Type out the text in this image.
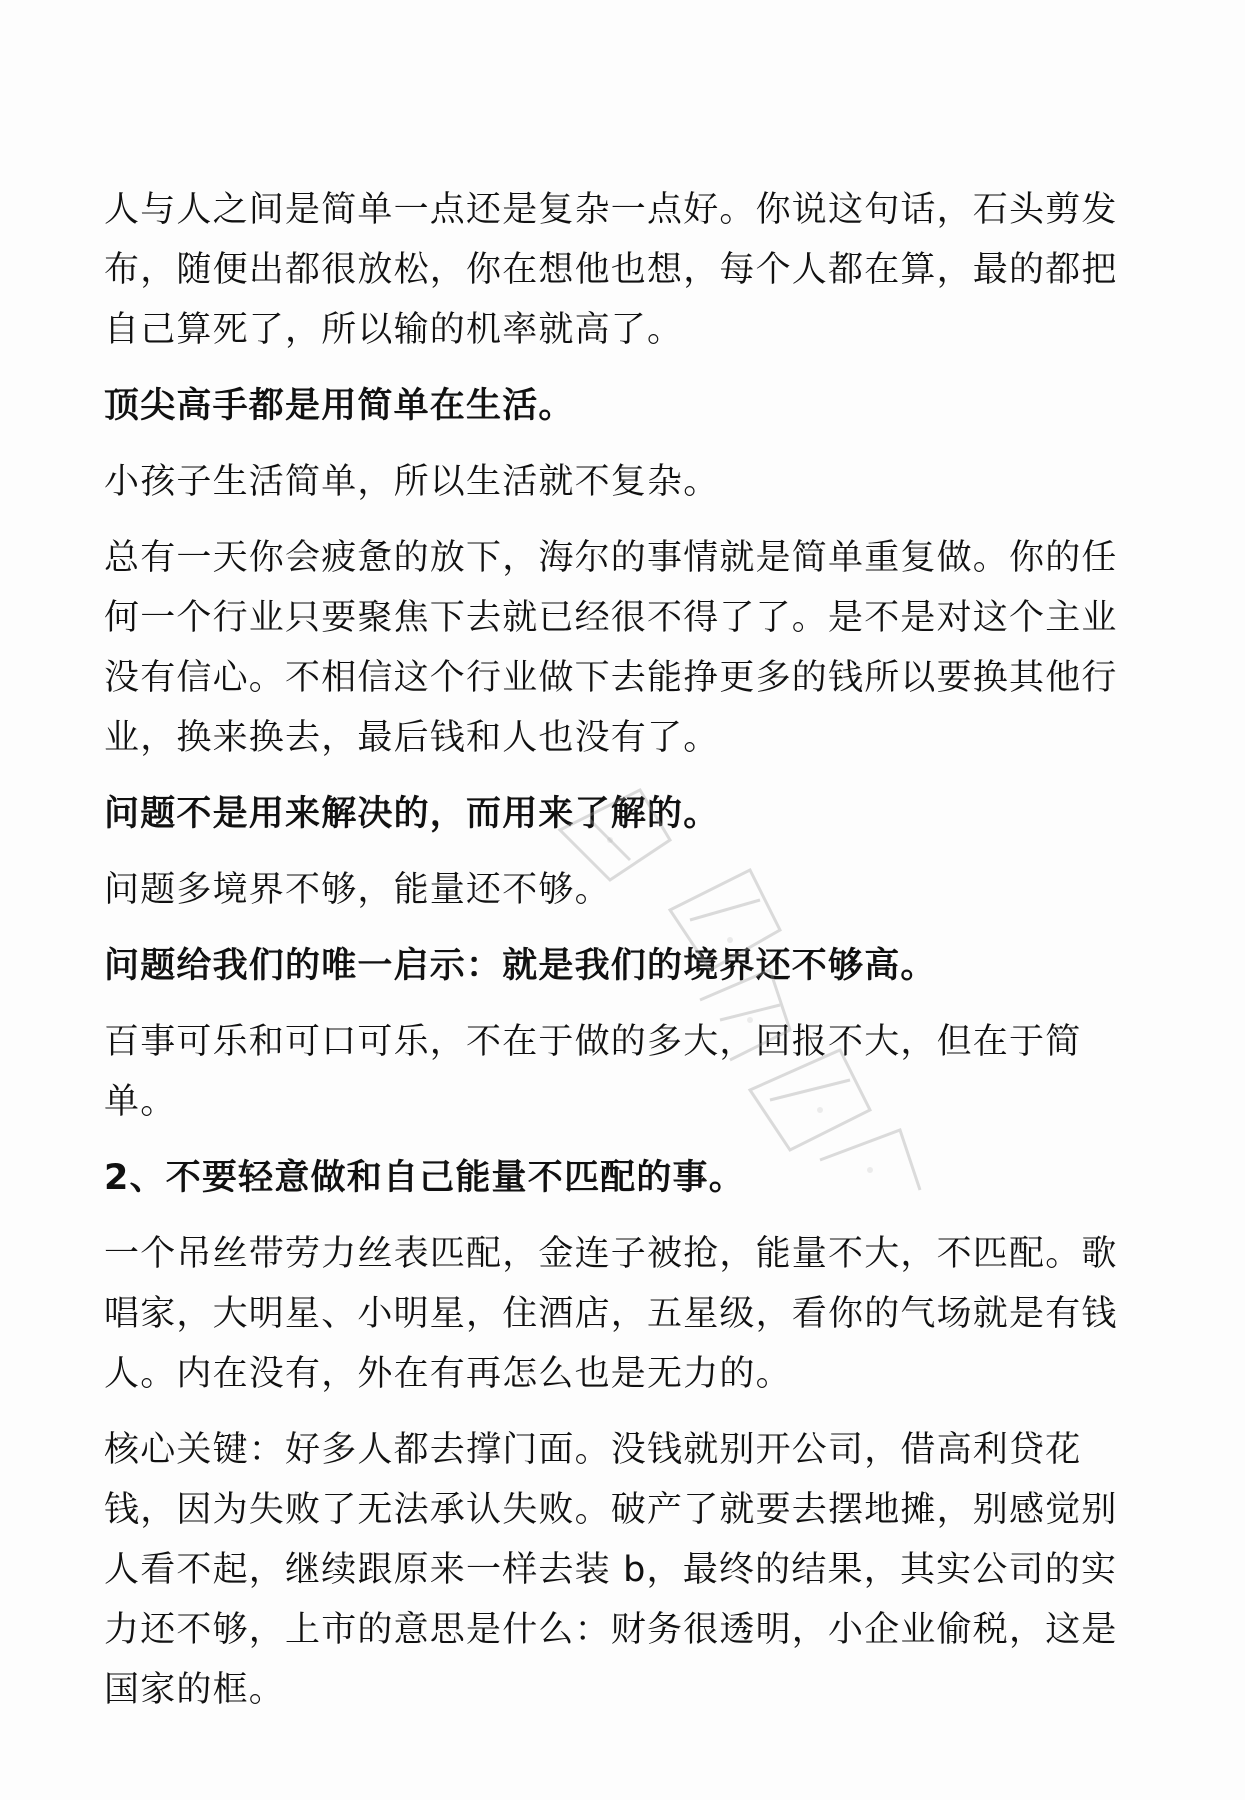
人与人之间是简单一点还是复杂一点好。你说这句话，石头剪发布，随便出都很放松，你在想他也想，每个人都在算，最的都把自己算死了，所以输的机率就高了。

顶尖高手都是用简单在生活。

小孩子生活简单，所以生活就不复杂。

总有一天你会疲惫的放下，海尔的事情就是简单重复做。你的任何一个行业只要聚焦下去就已经很不得了了。是不是对这个主业没有信心。不相信这个行业做下去能挣更多的钱所以要换其他行业，换来换去，最后钱和人也没有了。

问题不是用来解决的，而用来了解的。

问题多境界不够，能量还不够。

问题给我们的唯一启示：就是我们的境界还不够高。

百事可乐和可口可乐，不在于做的多大，回报不大，但在于简单。

2、不要轻意做和自己能量不匹配的事。

一个吊丝带劳力丝表匹配，金连子被抢，能量不大，不匹配。歌唱家，大明星、小明星，住酒店，五星级，看你的气场就是有钱人。内在没有，外在有再怎么也是无力的。

核心关键：好多人都去撑门面。没钱就别开公司，借高利贷花钱，因为失败了无法承认失败。破产了就要去摆地摊，别感觉别人看不起，继续跟原来一样去装 b，最终的结果，其实公司的实力还不够，上市的意思是什么：财务很透明，小企业偷税，这是国家的框。
